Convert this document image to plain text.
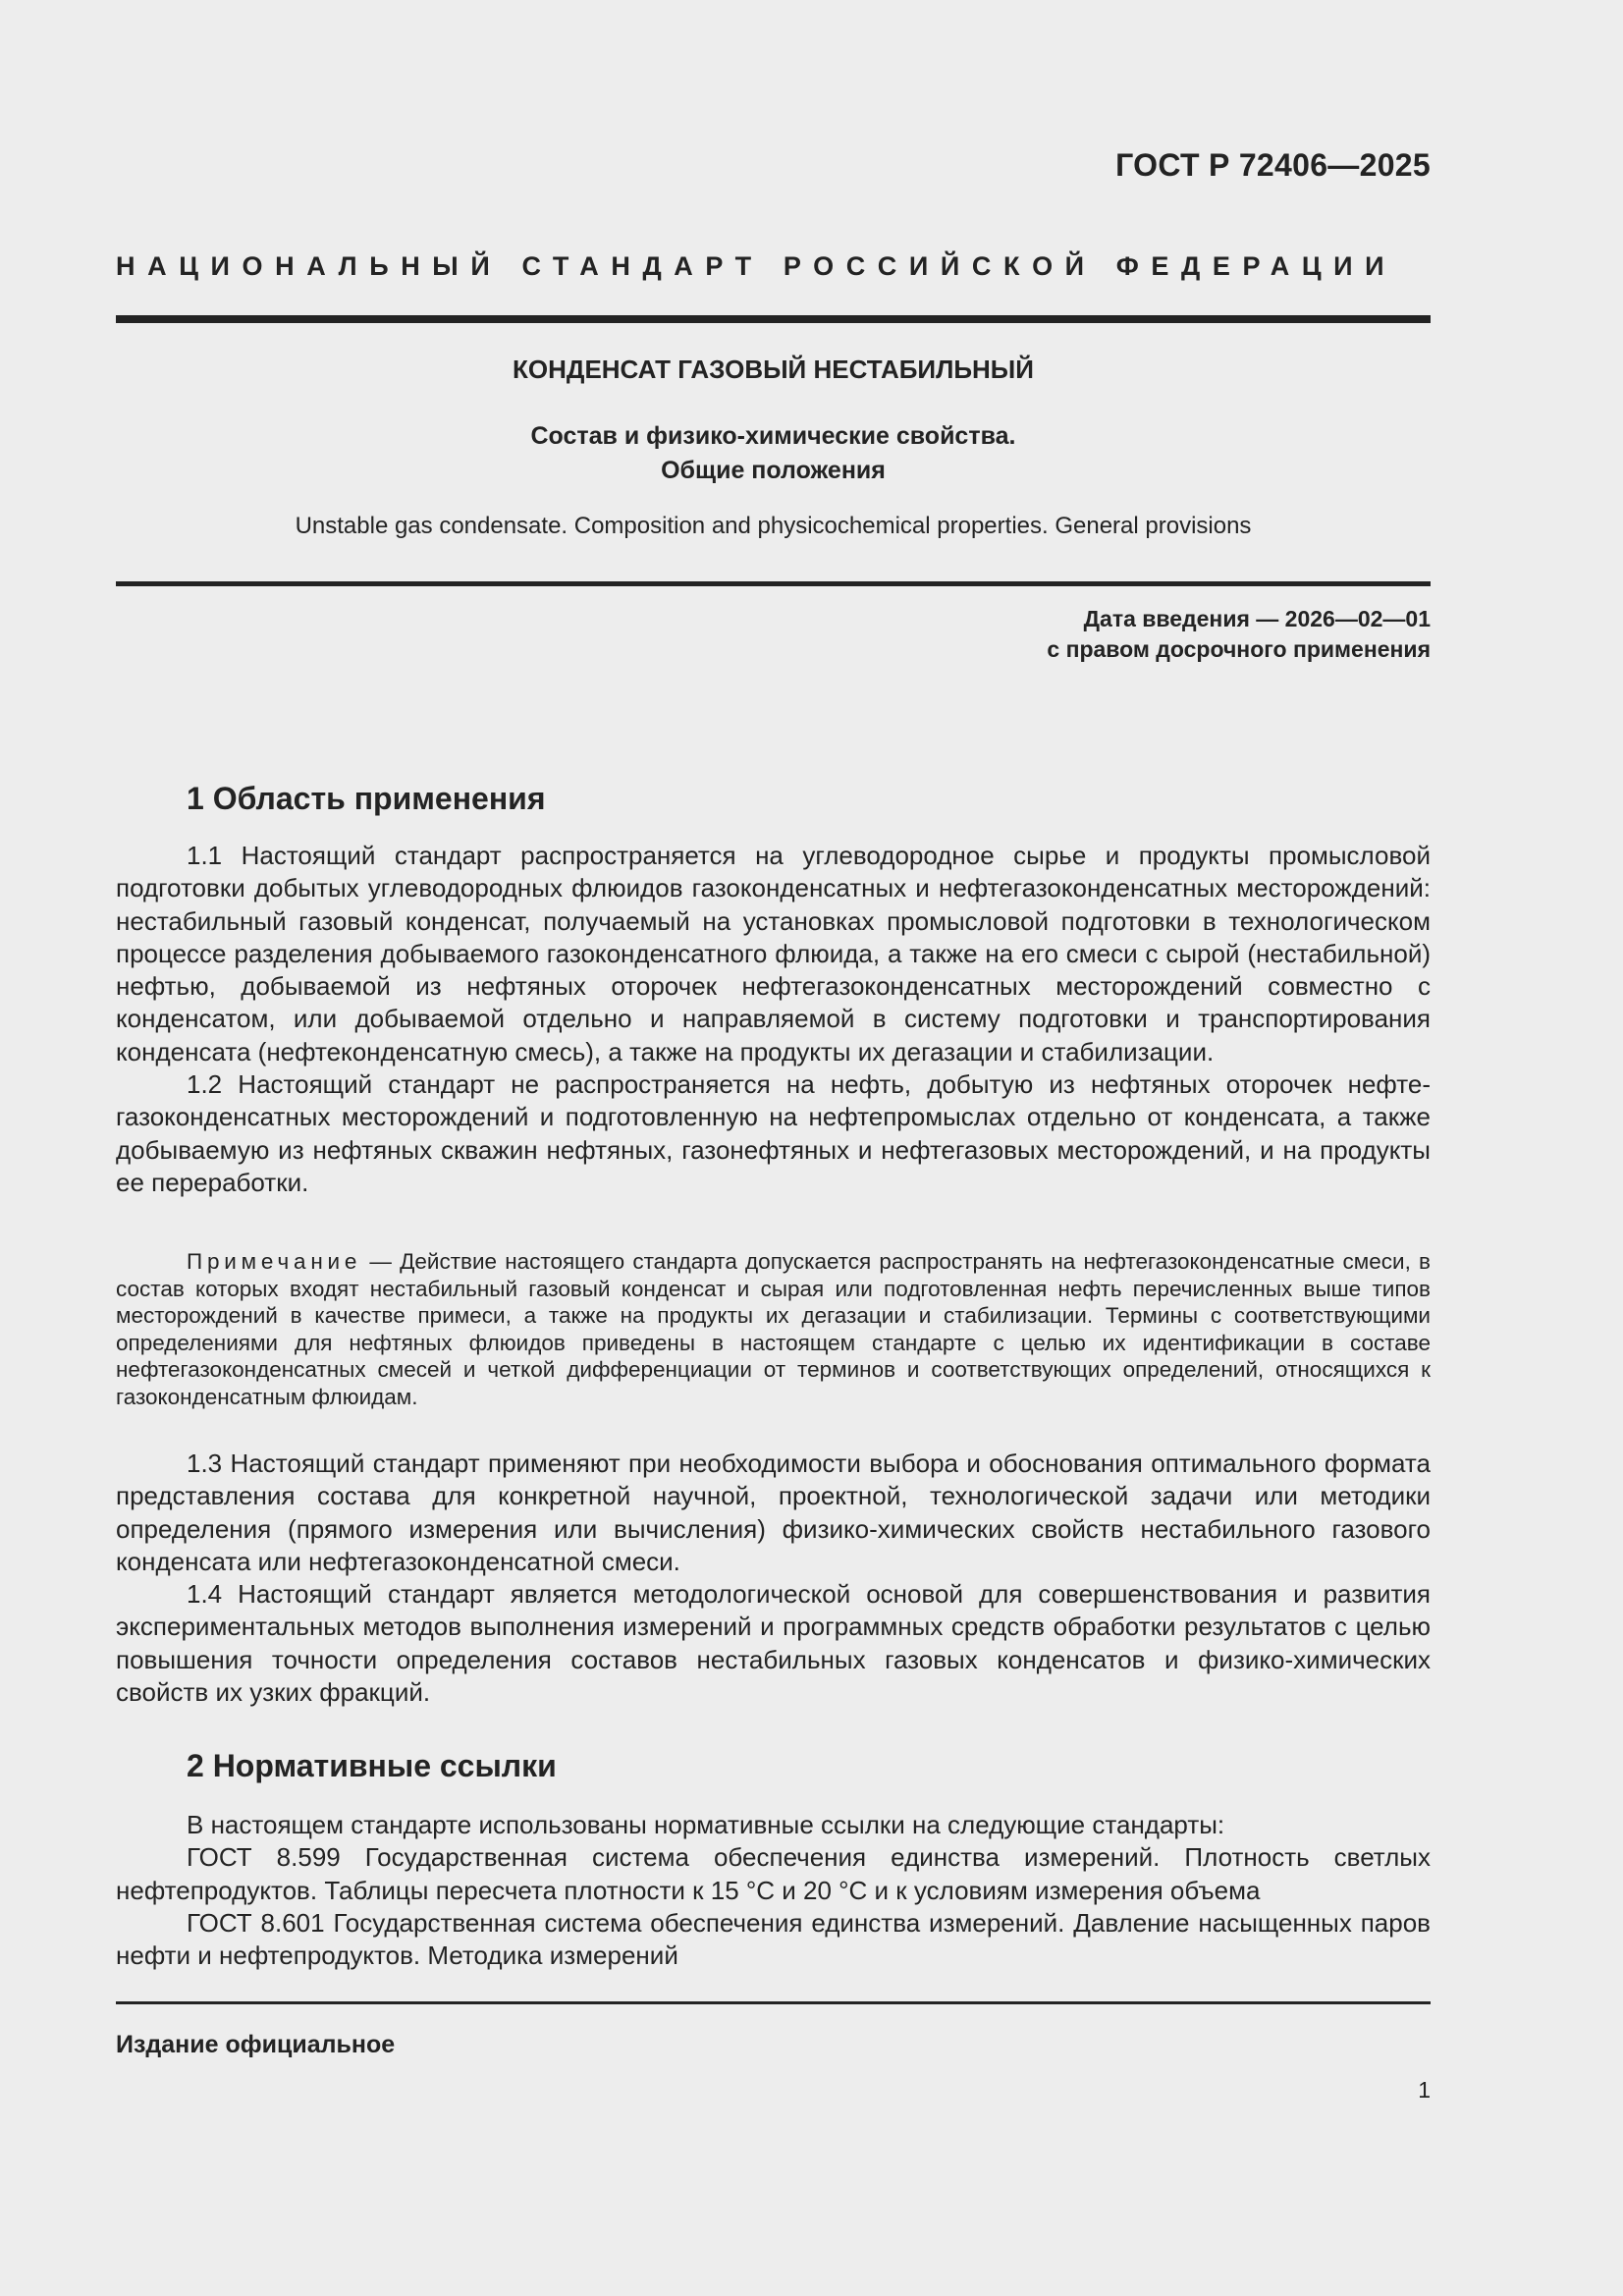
ГОСТ Р 72406—2025
НАЦИОНАЛЬНЫЙ СТАНДАРТ РОССИЙСКОЙ ФЕДЕРАЦИИ
КОНДЕНСАТ ГАЗОВЫЙ НЕСТАБИЛЬНЫЙ
Состав и физико-химические свойства.
Общие положения
Unstable gas condensate. Composition and physicochemical properties. General provisions
Дата введения — 2026—02—01
с правом досрочного применения
1 Область применения

1.1 Настоящий стандарт распространяется на углеводородное сырье и продукты промысловой подготовки добытых углеводородных флюидов газоконденсатных и нефтегазоконденсатных месторождений: нестабильный газовый конденсат, получаемый на установках промысловой подготовки в технологическом процессе разделения добываемого газоконденсатного флюида, а также на его смеси с сырой (нестабильной) нефтью, добываемой из нефтяных оторочек нефтегазоконденсатных месторождений совместно с конденсатом, или добываемой отдельно и направляемой в систему подготовки и транспортирования конденсата (нефтеконденсатную смесь), а также на продукты их дегазации и стабилизации.

1.2 Настоящий стандарт не распространяется на нефть, добытую из нефтяных оторочек нефтегазоконденсатных месторождений и подготовленную на нефтепромыслах отдельно от конденсата, а также добываемую из нефтяных скважин нефтяных, газонефтяных и нефтегазовых месторождений, и на продукты ее переработки.

Примечание — Действие настоящего стандарта допускается распространять на нефтегазоконденсатные смеси, в состав которых входят нестабильный газовый конденсат и сырая или подготовленная нефть перечисленных выше типов месторождений в качестве примеси, а также на продукты их дегазации и стабилизации. Термины с соответствующими определениями для нефтяных флюидов приведены в настоящем стандарте с целью их идентификации в составе нефтегазоконденсатных смесей и четкой дифференциации от терминов и соответствующих определений, относящихся к газоконденсатным флюидам.

1.3 Настоящий стандарт применяют при необходимости выбора и обоснования оптимального формата представления состава для конкретной научной, проектной, технологической задачи или методики определения (прямого измерения или вычисления) физико-химических свойств нестабильного газового конденсата или нефтегазоконденсатной смеси.

1.4 Настоящий стандарт является методологической основой для совершенствования и развития экспериментальных методов выполнения измерений и программных средств обработки результатов с целью повышения точности определения составов нестабильных газовых конденсатов и физико-химических свойств их узких фракций.

2 Нормативные ссылки

В настоящем стандарте использованы нормативные ссылки на следующие стандарты:

ГОСТ 8.599 Государственная система обеспечения единства измерений. Плотность светлых нефтепродуктов. Таблицы пересчета плотности к 15 °С и 20 °С и к условиям измерения объема

ГОСТ 8.601 Государственная система обеспечения единства измерений. Давление насыщенных паров нефти и нефтепродуктов. Методика измерений

Издание официальное
1
